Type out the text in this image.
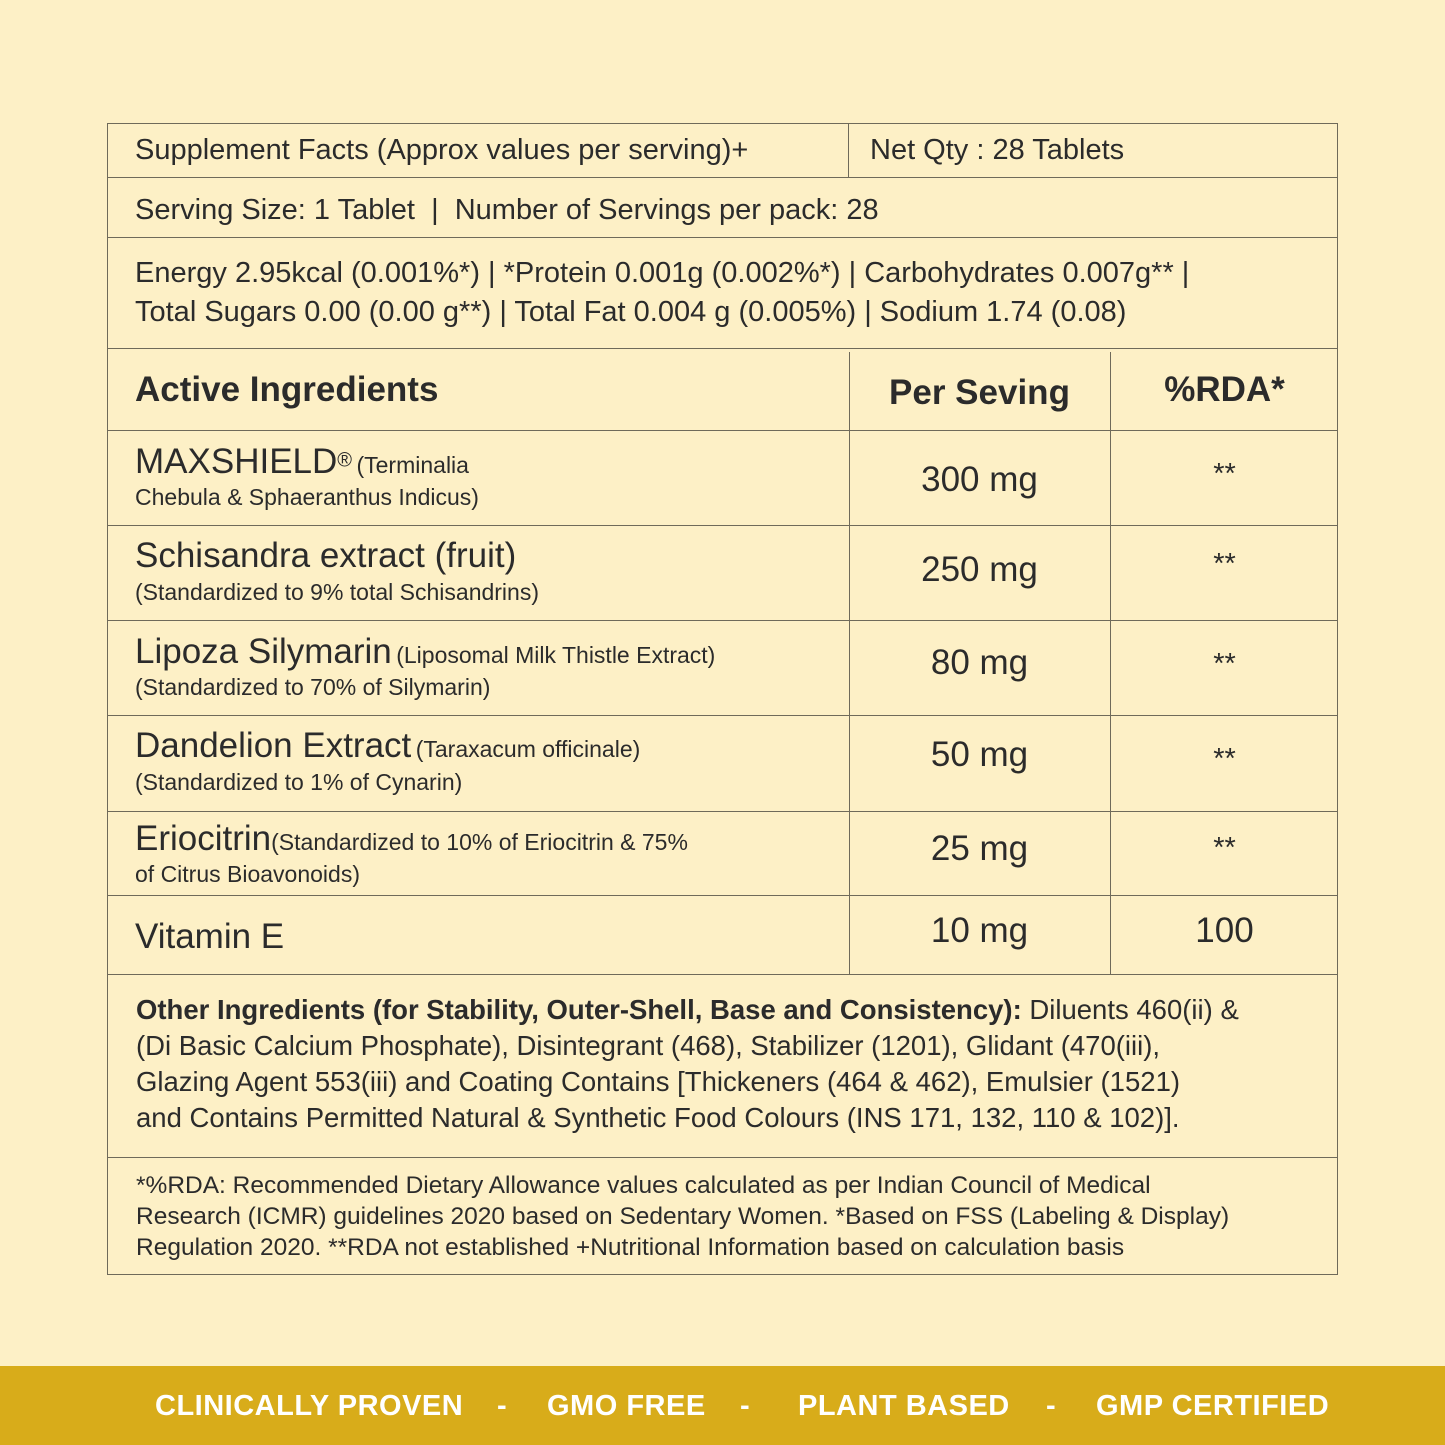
Supplement Facts (Approx values per serving)+	Net Qty : 28 Tablets
Serving Size: 1 Tablet  |  Number of Servings per pack: 28
Energy 2.95kcal (0.001%*) | *Protein 0.001g (0.002%*) | Carbohydrates 0.007g** |
Total Sugars 0.00 (0.00 g**) | Total Fat 0.004 g (0.005%) | Sodium 1.74 (0.08)
Active Ingredients	Per Seving	%RDA*
MAXSHIELD® (Terminalia
Chebula & Sphaeranthus Indicus)	300 mg	**
Schisandra extract (fruit)
(Standardized to 9% total Schisandrins)
250 mg	**
Lipoza Silymarin (Liposomal Milk Thistle Extract)
(Standardized to 70% of Silymarin)
80 mg	**
Dandelion Extract (Taraxacum officinale)
(Standardized to 1% of Cynarin)
50 mg	**
Eriocitrin(Standardized to 10% of Eriocitrin & 75%
of Citrus Bioavonoids)
25 mg	**
Vitamin E	10 mg	100
Other Ingredients (for Stability, Outer-Shell, Base and Consistency): Diluents 460(ii) &
(Di Basic Calcium Phosphate), Disintegrant (468), Stabilizer (1201), Glidant (470(iii),
Glazing Agent 553(iii) and Coating Contains [Thickeners (464 & 462), Emulsier (1521)
and Contains Permitted Natural & Synthetic Food Colours (INS 171, 132, 110 & 102)].
*%RDA: Recommended Dietary Allowance values calculated as per Indian Council of Medical
Research (ICMR) guidelines 2020 based on Sedentary Women. *Based on FSS (Labeling & Display)
Regulation 2020. **RDA not established +Nutritional Information based on calculation basis
CLINICALLY PROVEN - GMO FREE - PLANT BASED - GMP CERTIFIED
